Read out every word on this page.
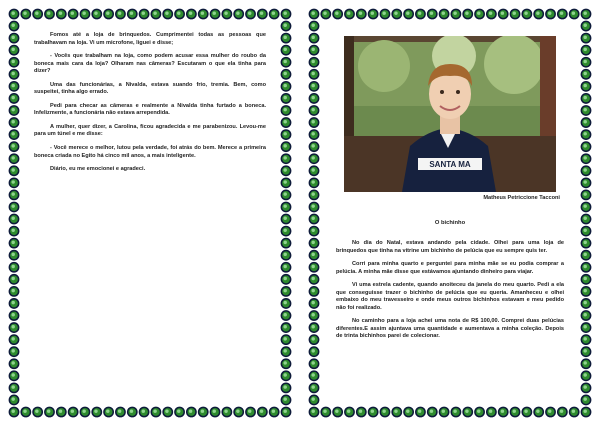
Fomos até a loja de brinquedos. Cumprimentei todas as pessoas que trabalhavam na loja. Vi um microfone, liguei e disse;

- Vocês que trabalham na loja, como podem acusar essa mulher do roubo da boneca mais cara da loja? Olharam nas câmeras? Escutaram o que ela tinha para dizer?

Uma das funcionárias, a Nivalda, estava suando frio, tremia. Bem, como suspeitei, tinha algo errado.

Pedi para checar as câmeras e realmente a Nivalda tinha furtado a boneca. Infelizmente, a funcionária não estava arrependida.

A mulher, quer dizer, a Carolina, ficou agradecida e me parabenizou. Levou-me para um túnel e me disse:

- Você merece o melhor, lutou pela verdade, foi atrás do bem. Merece a primeira boneca criada no Egito há cinco mil anos, a mais inteligente.

Diário, eu me emocionei e agradeci.

SANTA MA
Matheus Petriccione Tacconi
O bichinho

No dia do Natal, estava andando pela cidade. Olhei para uma loja de brinquedos que tinha na vitrine um bichinho de pelúcia que eu sempre quis ter.

Corri para minha quarto e perguntei para minha mãe se eu podia comprar a pelúcia. A minha mãe disse que estávamos ajuntando dinheiro para viajar.

Vi uma estrela cadente, quando anoiteceu da janela do meu quarto. Pedi a ela que conseguisse trazer o bichinho de pelúcia que eu queria. Amanheceu e olhei embaixo do meu travesseiro e onde meus outros bichinhos estavam e meu pedido não foi realizado.

No caminho para a loja achei uma nota de R$ 100,00. Comprei duas pelúcias diferentes.E assim ajuntava uma quantidade e aumentava a minha coleção. Depois de trinta bichinhos parei de colecionar.
